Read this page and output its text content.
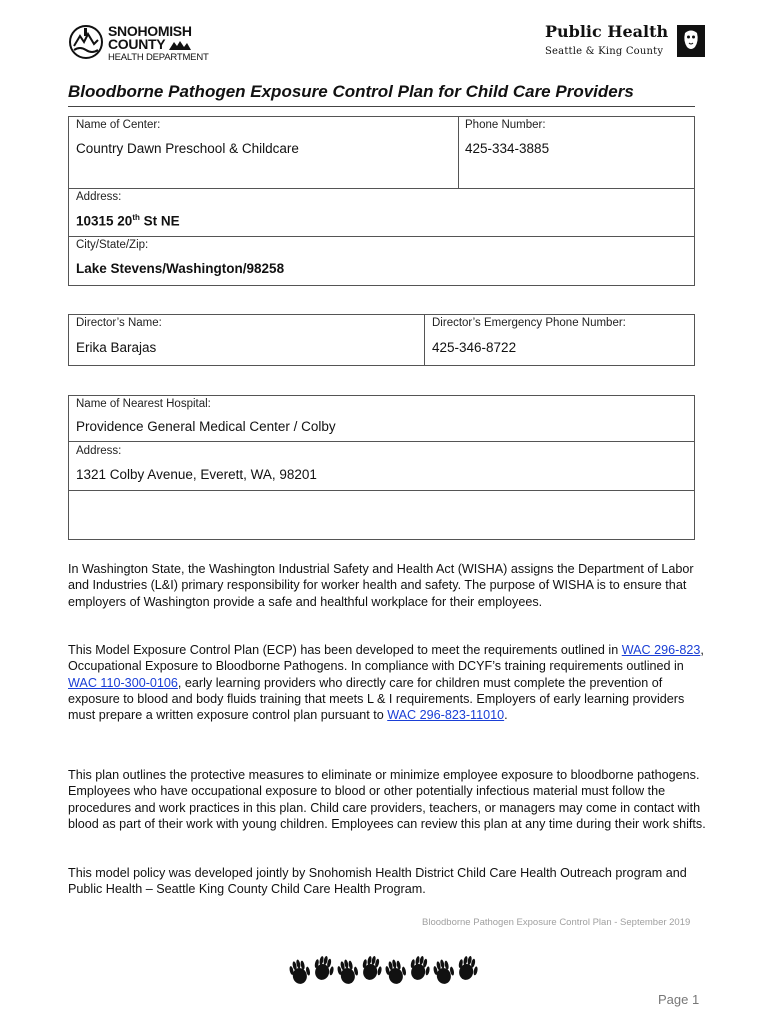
SNOHOMISH
COUNTY
HEALTH DEPARTMENT
Public Health
Seattle & King County
Bloodborne Pathogen Exposure Control Plan for Child Care Providers
Name of Center:
Country Dawn Preschool & Childcare
Phone Number:
425-334-3885
Address:
10315 20th St NE
City/State/Zip:
Lake Stevens/Washington/98258
Director’s Name:
Erika Barajas
Director’s Emergency Phone Number:
425-346-8722
Name of Nearest Hospital:
Providence General Medical Center / Colby
Address:
1321 Colby Avenue, Everett, WA, 98201
In Washington State, the Washington Industrial Safety and Health Act (WISHA) assigns the Department of Labor and Industries (L&I) primary responsibility for worker health and safety. The purpose of WISHA is to ensure that employers of Washington provide a safe and healthful workplace for their employees.
This Model Exposure Control Plan (ECP) has been developed to meet the requirements outlined in WAC 296-823, Occupational Exposure to Bloodborne Pathogens. In compliance with DCYF’s training requirements outlined in WAC 110-300-0106, early learning providers who directly care for children must complete the prevention of exposure to blood and body fluids training that meets L & I requirements. Employers of early learning providers must prepare a written exposure control plan pursuant to WAC 296-823-11010.
This plan outlines the protective measures to eliminate or minimize employee exposure to bloodborne pathogens. Employees who have occupational exposure to blood or other potentially infectious material must follow the procedures and work practices in this plan. Child care providers, teachers, or managers may come in contact with blood as part of their work with young children. Employees can review this plan at any time during their work shifts.
This model policy was developed jointly by Snohomish Health District Child Care Health Outreach program and Public Health – Seattle King County Child Care Health Program.
Bloodborne Pathogen Exposure Control Plan - September 2019
Page 1
